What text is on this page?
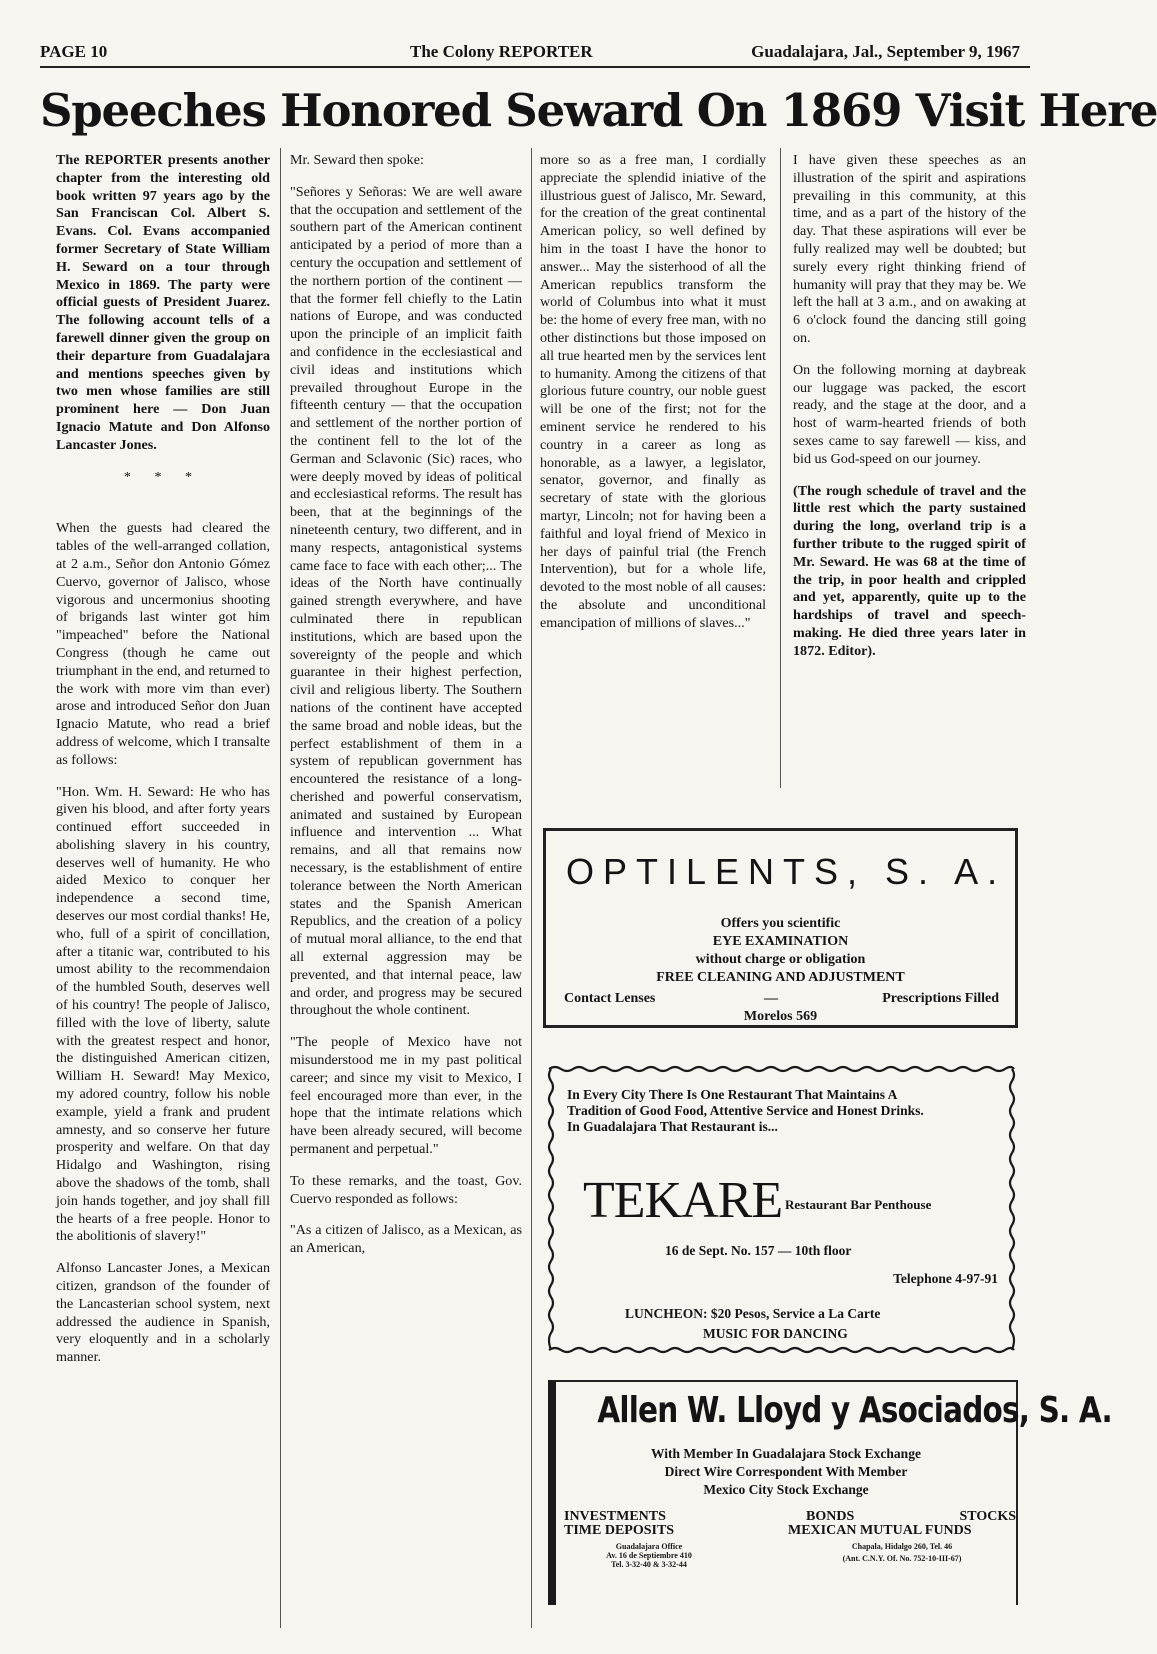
PAGE 10	The Colony REPORTER	Guadalajara, Jal., September 9, 1967
Speeches Honored Seward On 1869 Visit Here

The REPORTER presents another chapter from the interesting old book written 97 years ago by the San Franciscan Col. Albert S. Evans. Col. Evans accompanied former Secretary of State William H. Seward on a tour through Mexico in 1869. The party were official guests of President Juarez. The following account tells of a farewell dinner given the group on their departure from Guadalajara and mentions speeches given by two men whose families are still prominent here — Don Juan Ignacio Matute and Don Alfonso Lancaster Jones.

* * *

When the guests had cleared the tables of the well-arranged collation, at 2 a.m., Señor don Antonio Gómez Cuervo, governor of Jalisco, whose vigorous and uncermonius shooting of brigands last winter got him "impeached" before the National Congress (though he came out triumphant in the end, and returned to the work with more vim than ever) arose and introduced Señor don Juan Ignacio Matute, who read a brief address of welcome, which I transalte as follows:

"Hon. Wm. H. Seward: He who has given his blood, and after forty years continued effort succeeded in abolishing slavery in his country, deserves well of humanity. He who aided Mexico to conquer her independence a second time, deserves our most cordial thanks! He, who, full of a spirit of concillation, after a titanic war, contributed to his umost ability to the recommendaion of the humbled South, deserves well of his country! The people of Jalisco, filled with the love of liberty, salute with the greatest respect and honor, the distinguished American citizen, William H. Seward! May Mexico, my adored country, follow his noble example, yield a frank and prudent amnesty, and so conserve her future prosperity and welfare. On that day Hidalgo and Washington, rising above the shadows of the tomb, shall join hands together, and joy shall fill the hearts of a free people. Honor to the abolitionis of slavery!"

Alfonso Lancaster Jones, a Mexican citizen, grandson of the founder of the Lancasterian school system, next addressed the audience in Spanish, very eloquently and in a scholarly manner.

Mr. Seward then spoke:

"Señores y Señoras: We are well aware that the occupation and settlement of the southern part of the American continent anticipated by a period of more than a century the occupation and settlement of the northern portion of the continent — that the former fell chiefly to the Latin nations of Europe, and was conducted upon the principle of an implicit faith and confidence in the ecclesiastical and civil ideas and institutions which prevailed throughout Europe in the fifteenth century — that the occupation and settlement of the norther portion of the continent fell to the lot of the German and Sclavonic (Sic) races, who were deeply moved by ideas of political and ecclesiastical reforms. The result has been, that at the beginnings of the nineteenth century, two different, and in many respects, antagonistical systems came face to face with each other;... The ideas of the North have continually gained strength everywhere, and have culminated there in republican institutions, which are based upon the sovereignty of the people and which guarantee in their highest perfection, civil and religious liberty. The Southern nations of the continent have accepted the same broad and noble ideas, but the perfect establishment of them in a system of republican government has encountered the resistance of a long-cherished and powerful conservatism, animated and sustained by European influence and intervention ... What remains, and all that remains now necessary, is the establishment of entire tolerance between the North American states and the Spanish American Republics, and the creation of a policy of mutual moral alliance, to the end that all external aggression may be prevented, and that internal peace, law and order, and progress may be secured throughout the whole continent.

"The people of Mexico have not misunderstood me in my past political career; and since my visit to Mexico, I feel encouraged more than ever, in the hope that the intimate relations which have been already secured, will become permanent and perpetual."

To these remarks, and the toast, Gov. Cuervo responded as follows:

"As a citizen of Jalisco, as a Mexican, as an American,

more so as a free man, I cordially appreciate the splendid iniative of the illustrious guest of Jalisco, Mr. Seward, for the creation of the great continental American policy, so well defined by him in the toast I have the honor to answer... May the sisterhood of all the American republics transform the world of Columbus into what it must be: the home of every free man, with no other distinctions but those imposed on all true hearted men by the services lent to humanity. Among the citizens of that glorious future country, our noble guest will be one of the first; not for the eminent service he rendered to his country in a career as long as honorable, as a lawyer, a legislator, senator, governor, and finally as secretary of state with the glorious martyr, Lincoln; not for having been a faithful and loyal friend of Mexico in her days of painful trial (the French Intervention), but for a whole life, devoted to the most noble of all causes: the absolute and unconditional emancipation of millions of slaves..."

I have given these speeches as an illustration of the spirit and aspirations prevailing in this community, at this time, and as a part of the history of the day. That these aspirations will ever be fully realized may well be doubted; but surely every right thinking friend of humanity will pray that they may be. We left the hall at 3 a.m., and on awaking at 6 o'clock found the dancing still going on.

On the following morning at daybreak our luggage was packed, the escort ready, and the stage at the door, and a host of warm-hearted friends of both sexes came to say farewell — kiss, and bid us God-speed on our journey.

(The rough schedule of travel and the little rest which the party sustained during the long, overland trip is a further tribute to the rugged spirit of Mr. Seward. He was 68 at the time of the trip, in poor health and crippled and yet, apparently, quite up to the hardships of travel and speech-making. He died three years later in 1872. Editor).

OPTILENTS, S. A.
Offers you scientific
EYE EXAMINATION
without charge or obligation
FREE CLEANING AND ADJUSTMENT
Contact Lenses	—	Prescriptions Filled
Morelos 569
In Every City There Is One Restaurant That Maintains A Tradition of Good Food, Attentive Service and Honest Drinks. In Guadalajara That Restaurant is...
TEKARE Restaurant Bar Penthouse
16 de Sept. No. 157 — 10th floor
Telephone 4-97-91
LUNCHEON: $20 Pesos, Service a La Carte
MUSIC FOR DANCING
Allen W. Lloyd y Asociados, S. A.
With Member In Guadalajara Stock Exchange
Direct Wire Correspondent With Member
Mexico City Stock Exchange
INVESTMENTS
TIME DEPOSITS
Guadalajara Office
Av. 16 de Septiembre 410
Tel. 3-32-40 & 3-32-44
BONDS	STOCKS
MEXICAN MUTUAL FUNDS
Chapala, Hidalgo 260, Tel. 46
(Ant. C.N.Y. Of. No. 752-10-III-67)
